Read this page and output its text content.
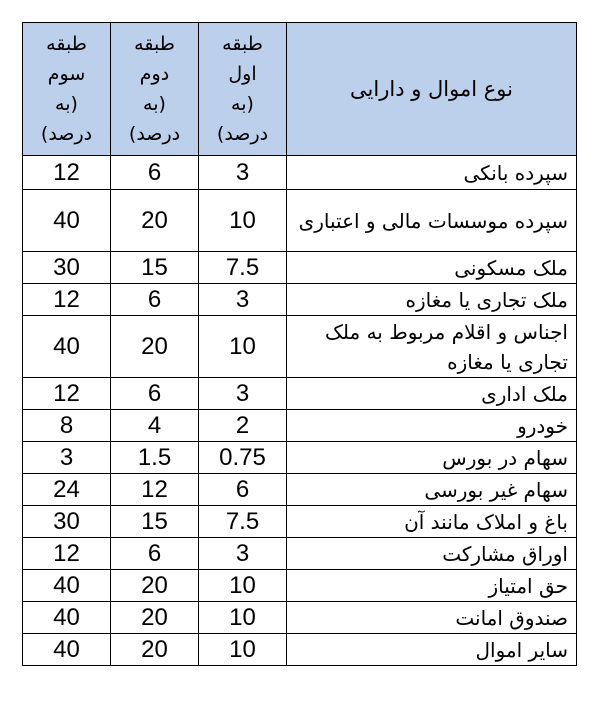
طبقه
سوم
(به
درصد)	طبقه
دوم
(به
درصد)	طبقه
اول
(به
درصد)	نوع اموال و دارایی
12	6	3	سپرده بانکی
40	20	10	سپرده موسسات مالی و اعتباری
30	15	7.5	ملک مسکونی
12	6	3	ملک تجاری یا مغازه
40	20	10	اجناس و اقلام مربوط به ملک تجاری یا مغازه
12	6	3	ملک اداری
8	4	2	خودرو
3	1.5	0.75	سهام در بورس
24	12	6	سهام غیر بورسی
30	15	7.5	باغ و املاک مانند آن
12	6	3	اوراق مشارکت
40	20	10	حق امتیاز
40	20	10	صندوق امانت
40	20	10	سایر اموال
